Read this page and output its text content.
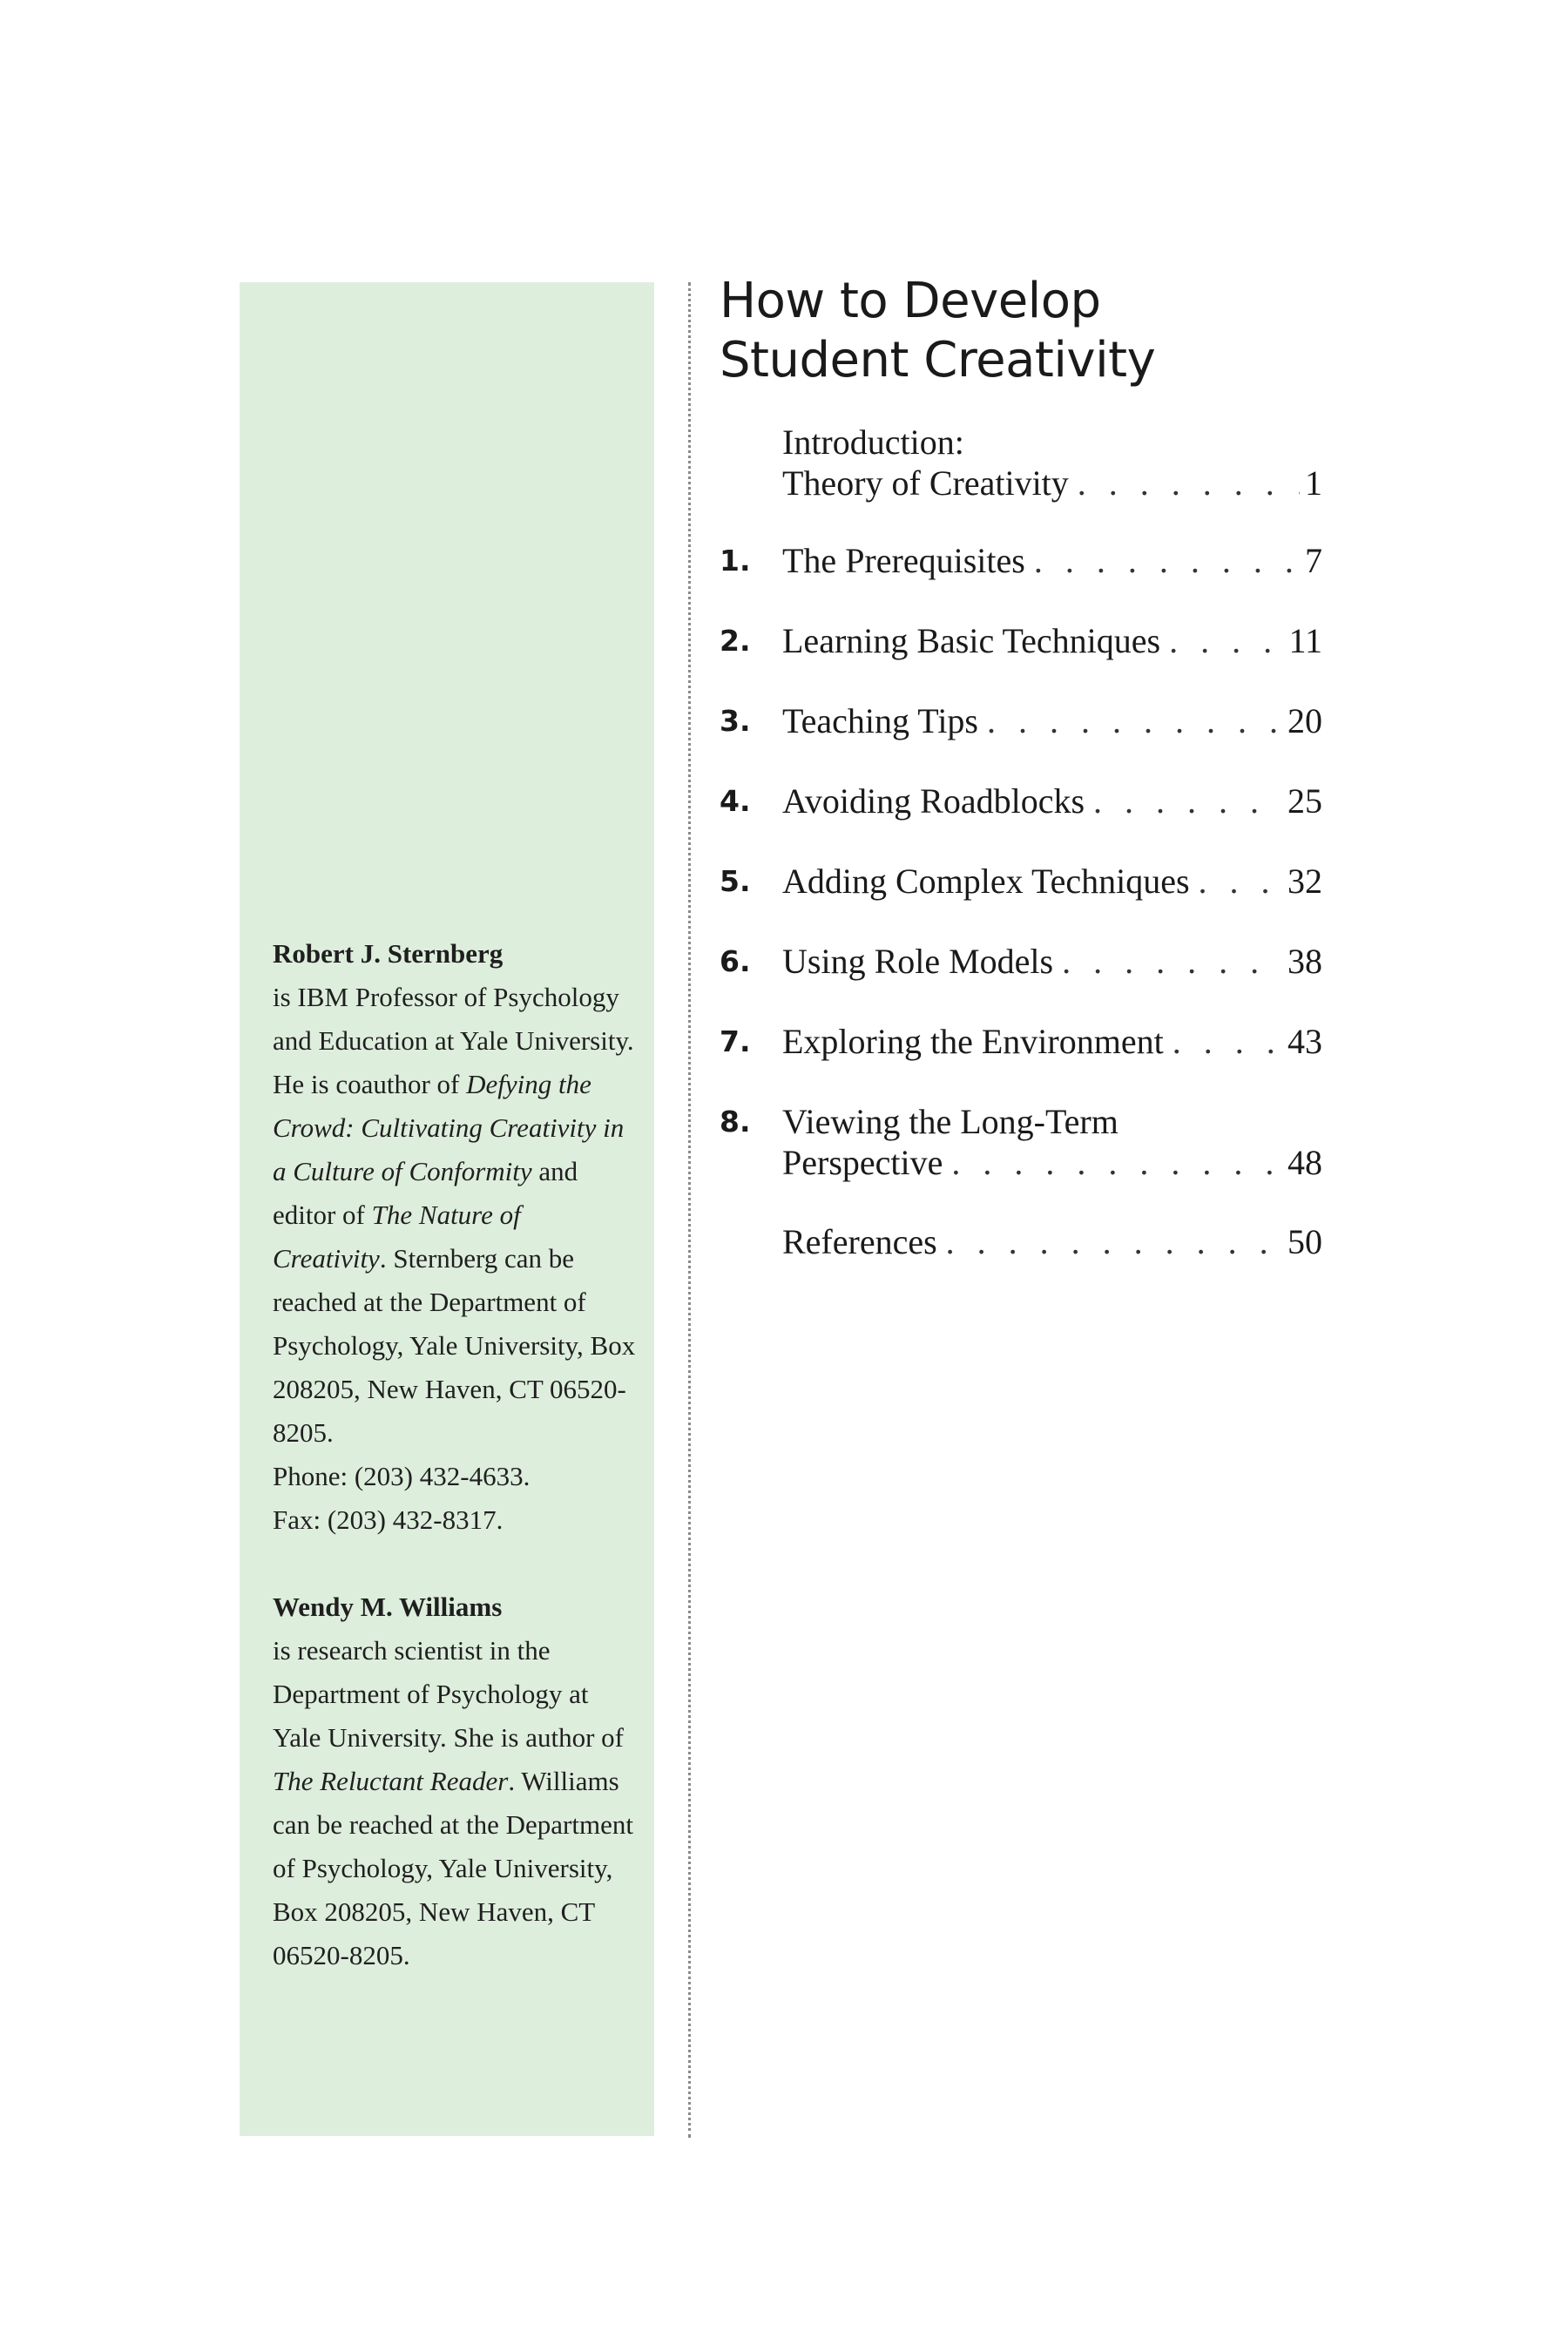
Robert J. Sternberg

is IBM Professor of Psychology and Education at Yale University. He is coauthor of Defying the Crowd: Cultivating Creativity in a Culture of Conformity and editor of The Nature of Creativity. Sternberg can be reached at the Department of Psychology, Yale University, Box 208205, New Haven, CT 06520-8205.

Phone: (203) 432-4633.

Fax: (203) 432-8317.

Wendy M. Williams

is research scientist in the Department of Psychology at Yale University. She is author of The Reluctant Reader. Williams can be reached at the Department of Psychology, Yale University, Box 208205, New Haven, CT 06520-8205.

How to Develop
Student Creativity
Introduction:
Theory of Creativity . . .	1
1. The Prerequisites . . .	7
2. Learning Basic Techniques . . .	11
3. Teaching Tips . . .	20
4. Avoiding Roadblocks . . .	25
5. Adding Complex Techniques . . .	32
6. Using Role Models . . .	38
7. Exploring the Environment . . .	43
8. Viewing the Long-Term
Perspective . . .	48
References . . .	50
